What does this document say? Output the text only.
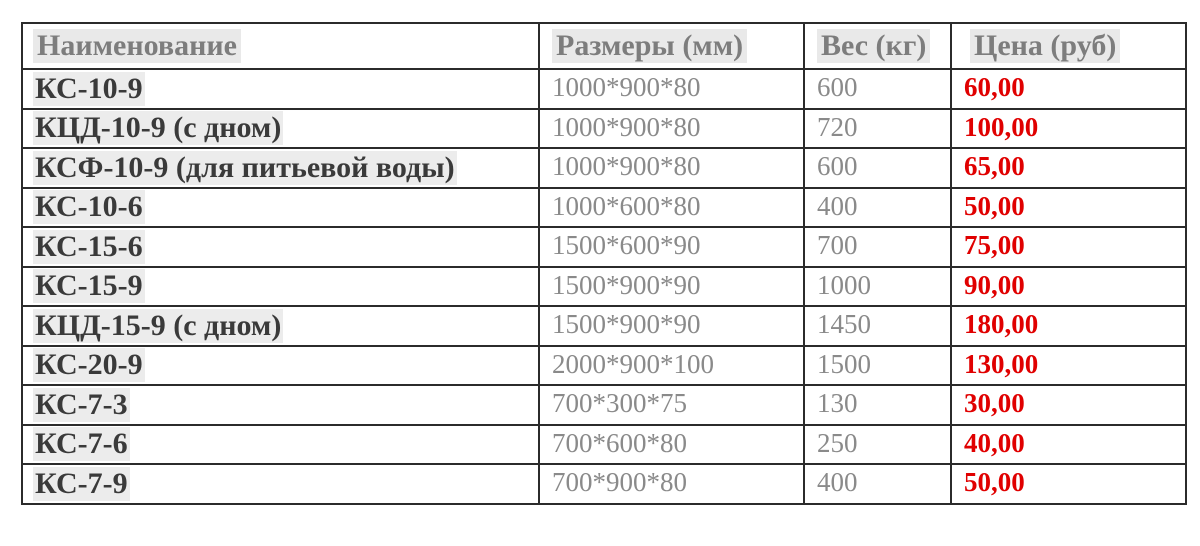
Наименование	Размеры (мм)	Вес (кг)	Цена (руб)
КС-10-9	1000*900*80	600	60,00
КЦД-10-9 (с дном)	1000*900*80	720	100,00
КСФ-10-9 (для питьевой воды)	1000*900*80	600	65,00
КС-10-6	1000*600*80	400	50,00
КС-15-6	1500*600*90	700	75,00
КС-15-9	1500*900*90	1000	90,00
КЦД-15-9 (с дном)	1500*900*90	1450	180,00
КС-20-9	2000*900*100	1500	130,00
КС-7-3	700*300*75	130	30,00
КС-7-6	700*600*80	250	40,00
КС-7-9	700*900*80	400	50,00
